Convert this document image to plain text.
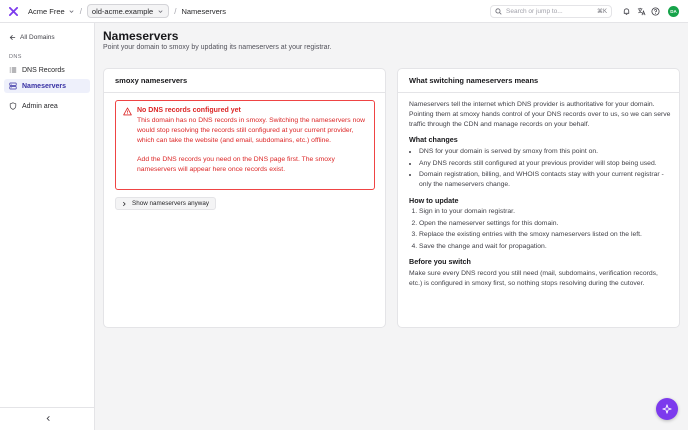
Acme Free / old-acme.example	/ Nameservers	Search or jump to...	⌘K	DA
All Domains
DNS
DNS Records
Nameservers
Admin area
Nameservers
Point your domain to smoxy by updating its nameservers at your registrar.
smoxy nameservers
No DNS records configured yet

This domain has no DNS records in smoxy. Switching the nameservers now would stop resolving the records still configured at your current provider, which can take the website (and email, subdomains, etc.) offline.

Add the DNS records you need on the DNS page first. The smoxy nameservers will appear here once records exist.

Show nameservers anyway
What switching nameservers means
Nameservers tell the internet which DNS provider is authoritative for your domain. Pointing them at smoxy hands control of your DNS records over to us, so we can serve traffic through the CDN and manage records on your behalf.
What changes
• DNS for your domain is served by smoxy from this point on.
• Any DNS records still configured at your previous provider will stop being used.
• Domain registration, billing, and WHOIS contacts stay with your current registrar - only the nameservers change.
How to update
1. Sign in to your domain registrar.
2. Open the nameserver settings for this domain.
3. Replace the existing entries with the smoxy nameservers listed on the left.
4. Save the change and wait for propagation.
Before you switch
Make sure every DNS record you still need (mail, subdomains, verification records, etc.) is configured in smoxy first, so nothing stops resolving during the cutover.
